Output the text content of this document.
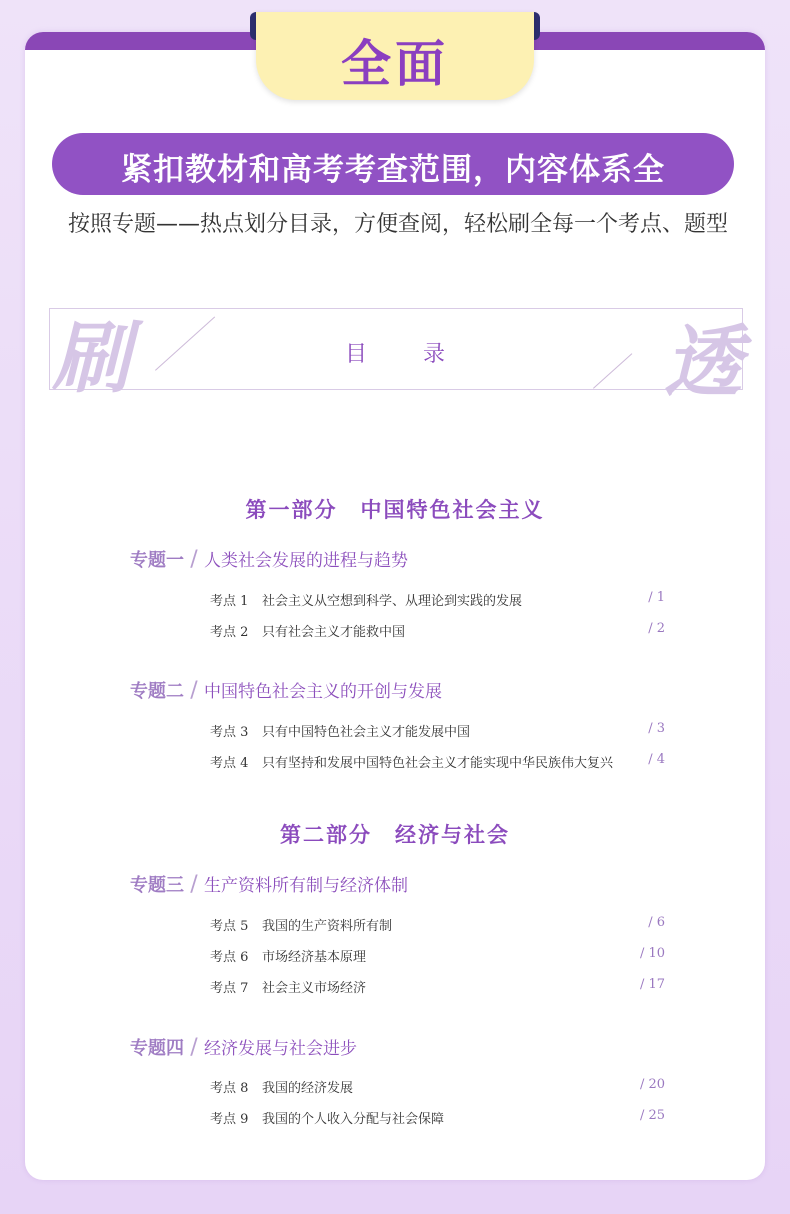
全面
紧扣教材和高考考查范围，内容体系全
按照专题——热点划分目录，方便查阅，轻松刷全每一个考点、题型
刷	透
目 录
第一部分　中国特色社会主义
专题一 / 人类社会发展的进程与趋势
考点 1 社会主义从空想到科学、从理论到实践的发展	/ 1
考点 2 只有社会主义才能救中国	/ 2
专题二 / 中国特色社会主义的开创与发展
考点 3 只有中国特色社会主义才能发展中国	/ 3
考点 4 只有坚持和发展中国特色社会主义才能实现中华民族伟大复兴	/ 4
第二部分　经济与社会
专题三 / 生产资料所有制与经济体制
考点 5 我国的生产资料所有制	/ 6
考点 6 市场经济基本原理	/ 10
考点 7 社会主义市场经济	/ 17
专题四 / 经济发展与社会进步
考点 8 我国的经济发展	/ 20
考点 9 我国的个人收入分配与社会保障	/ 25
